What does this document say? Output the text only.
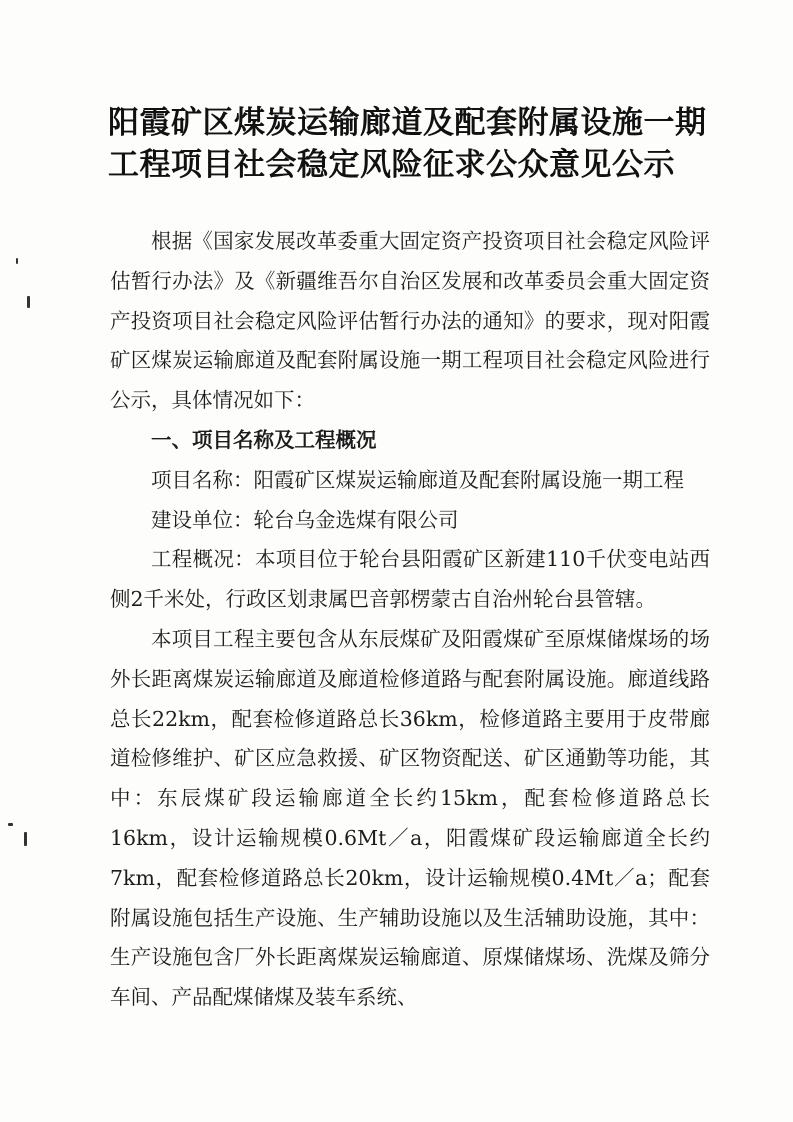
阳霞矿区煤炭运输廊道及配套附属设施一期
工程项目社会稳定风险征求公众意见公示

根据《国家发展改革委重大固定资产投资项目社会稳定风险评估暂行办法》及《新疆维吾尔自治区发展和改革委员会重大固定资产投资项目社会稳定风险评估暂行办法的通知》的要求，现对阳霞矿区煤炭运输廊道及配套附属设施一期工程项目社会稳定风险进行公示，具体情况如下：

一、项目名称及工程概况

项目名称：阳霞矿区煤炭运输廊道及配套附属设施一期工程

建设单位：轮台乌金选煤有限公司

工程概况：本项目位于轮台县阳霞矿区新建110千伏变电站西侧2千米处，行政区划隶属巴音郭楞蒙古自治州轮台县管辖。

本项目工程主要包含从东辰煤矿及阳霞煤矿至原煤储煤场的场外长距离煤炭运输廊道及廊道检修道路与配套附属设施。廊道线路总长22km，配套检修道路总长36km，检修道路主要用于皮带廊道检修维护、矿区应急救援、矿区物资配送、矿区通勤等功能，其中：东辰煤矿段运输廊道全长约15km，配套检修道路总长16km，设计运输规模0.6Mt／a，阳霞煤矿段运输廊道全长约7km，配套检修道路总长20km，设计运输规模0.4Mt／a；配套附属设施包括生产设施、生产辅助设施以及生活辅助设施，其中：生产设施包含厂外长距离煤炭运输廊道、原煤储煤场、洗煤及筛分车间、产品配煤储煤及装车系统、
